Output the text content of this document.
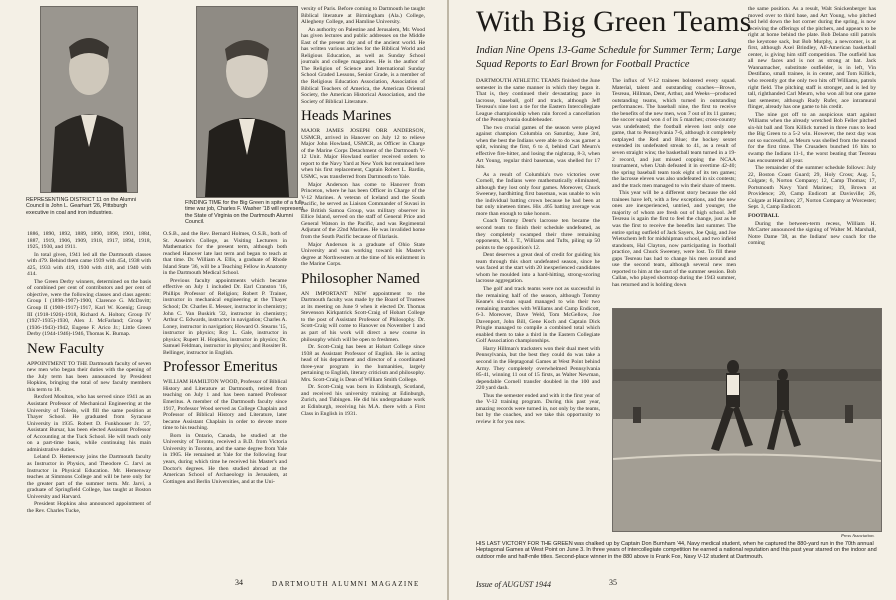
REPRESENTING DISTRICT 11 on the Alumni Council is John L. Gearhart '26, Pittsburgh executive in coal and iron industries.
FINDING TIME for the Big Green in spite of a full-time war job, Charles F. Washer '18 will represent the State of Virginia on the Dartmouth Alumni Council.

1886, 1890, 1892, 1889, 1890, 1898, 1901, 1884, 1887, 1919, 1906, 1909, 1918, 1917, 1894, 1918, 1925, 1930, and 1911.

In total given, 1941 led all the Dartmouth classes with 479. Behind them came 1939 with 454, 1938 with 425, 1933 with 419, 1930 with 418, and 1940 with 414.

The Green Derby winners, determined on the basis of combined per cent of contributors and per cent of objective, were the following classes and class agents: Group I (1898-1907)-1900, Clarence G. McDavitt; Group II (1908-1917)-1917, Karl W. Koenig; Group III (1918-1926)-1918, Richard A. Holton; Group IV (1927-1935)-1930, Alex J. McFarland; Group V (1936-1943)-1942, Eugene F. Arico Jr.; Little Green Derby (1944-1946)-1946, Thomas K. Burnap.

New Faculty

APPOINTMENT TO THE Dartmouth faculty of seven new men who began their duties with the opening of the July term has been announced by President Hopkins, bringing the total of new faculty members this term to 18.

Rexford Moulton, who has served since 1941 as an Assistant Professor of Mechanical Engineering at the University of Toledo, will fill the same position at Thayer School. He graduated from Syracuse University in 1935. Robert D. Funkhouser Jr. '27, Assistant Bursar, has been elected Assistant Professor of Accounting at the Tuck School. He will teach only on a part-time basis, while continuing his main administrative duties.

Leland D. Hemenway joins the Dartmouth faculty as Instructor in Physics, and Theodore C. Jarvi as Instructor in Physical Education. Mr. Hemenway teaches at Simmons College and will be here only for the greater part of the summer term. Mr. Jarvi, a graduate of Springfield College, has taught at Boston University and Harvard.

President Hopkins also announced appointment of the Rev. Charles Tucke,

O.S.B., and the Rev. Bernard Holmes, O.S.B., both of St. Anselm's College, as Visiting Lecturers in Mathematics for the present term, although both reached Hanover late last term and began to teach at that time. Dr. William A. Ellis, a graduate of Rhode Island State '36, will be a Teaching Fellow in Anatomy in the Dartmouth Medical School.

Previous faculty appointments which became effective on July 1 included Dr. Earl Cranston '16, Phillips Professor of Religion; Robert P. Trainer, instructor in mechanical engineering at the Thayer School; Dr. Charles E. Messer, instructor in chemistry; John C. Van Buskirk '32, instructor in chemistry; Arthur C. Edwards, instructor in navigation; Charles A. Loney, instructor in navigation; Howard O. Stearns '15, instructor in physics; Roy L. Gale, instructor in physics; Rupert H. Hopkins, instructor in physics; Dr. Samuel Feldman, instructor in physics; and Rossiter R. Bellinger, instructor in English.

Professor Emeritus

WILLIAM HAMILTON WOOD, Professor of Biblical History and Literature at Dartmouth, retired from teaching on July 1 and has been named Professor Emeritus. A member of the Dartmouth faculty since 1917, Professor Wood served as College Chaplain and Professor of Biblical History and Literature, later became Assistant Chaplain in order to devote more time to his teaching.

Born in Ontario, Canada, he studied at the University of Toronto, received a B.D. from Victoria University in Toronto, and the same degree from Yale in 1905. He remained at Yale for the following four years, during which time he received his Master's and Doctor's degrees. He then studied abroad at the American School of Archaeology in Jerusalem, at Gottingen and Berlin Universities, and at the Uni-

versity of Paris. Before coming to Dartmouth he taught Biblical literature at Birmingham (Ala.) College, Allegheny College, and Hamline University.

An authority on Palestine and Jerusalem, Mr. Wood has given lectures and public addresses on the Middle East of the present day and of the ancient world. He has written various articles for the Biblical World and Religious Education, as well as Sunday School journals and college magazines. He is the author of The Religion of Science and International Sunday School Graded Lessons, Senior Grade, is a member of the Religious Education Association, Association of Biblical Teachers of America, the American Oriental Society, the American Historical Association, and the Society of Biblical Literature.

Heads Marines

MAJOR JAMES JOSEPH ORR ANDERSON, USMCR, arrived in Hanover on July 12 to relieve Major John Howland, USMCR, as Officer in Charge of the Marine Corps Detachment of the Dartmouth V-12 Unit. Major Howland earlier received orders to report to the Navy Yard at New York but remained here when his first replacement, Captain Robert L. Bardin, USMC, was transferred from Dartmouth to Yale.

Major Anderson has come to Hanover from Princeton, where he has been Officer in Charge of the V-12 Marines. A veteran of Iceland and the South Pacific, he served as Liaison Commander of Suvasi in the British Samoa Group, was military observer in Ellice Island, served on the staff of General Price and General Watson in the Pacific, and was Regimental Adjutant of the 22nd Marines. He was invalided home from the South Pacific because of filariasis.

Major Anderson is a graduate of Ohio State University and was working toward his Master's degree at Northwestern at the time of his enlistment in the Marine Corps.

Philosopher Named

AN IMPORTANT NEW appointment to the Dartmouth faculty was made by the Board of Trustees at its meeting on June 9 when it elected Dr. Thomas Stevenson Kirkpatrick Scott-Craig of Hobart College to the post of Assistant Professor of Philosophy. Dr. Scott-Craig will come to Hanover on November 1 and as part of his work will direct a new course in philosophy which will be open to freshmen.

Dr. Scott-Craig has been at Hobart College since 1938 as Assistant Professor of English. He is acting head of his department and director of a coordinated three-year program in the humanities, largely pertaining to English, literary criticism and philosophy. Mrs. Scott-Craig is Dean of William Smith College.

Dr. Scott-Craig was born in Edinburgh, Scotland, and received his university training at Edinburgh, Zurich, and Tubingen. He did his undergraduate work at Edinburgh, receiving his M.A. there with a First Class in English in 1931.

34	DARTMOUTH ALUMNI MAGAZINE
With Big Green Teams
Indian Nine Opens 13-Game Schedule for Summer Term; Large Squad Reports to Earl Brown for Football Practice

DARTMOUTH ATHLETIC TEAMS finished the June semester in the same manner in which they began it. That is, they continued their devastating pace in lacrosse, baseball, golf and track, although Jeff Tesreau's nine lost a tie for the Eastern Intercollegiate League championship when rain forced a cancellation of the Pennsylvania doubleheader.

The two crucial games of the season were played against champion Columbia on Saturday, June 3rd, when the best the Indians were able to do was garner a split, winning the first, 6 to 4, behind Carl Meurn's effective fire-hitter, and losing the nightcap, 8-3, when Art Young, regular third baseman, was shelled for 17 hits.

As a result of Columbia's two victories over Cornell, the Indians were mathematically eliminated, although they lost only four games. Moreover, Chuck Sweeney, hardhitting first baseman, was unable to win the individual batting crown because he had been at bat only nineteen times. His .465 batting average was more than enough to take honors.

Coach Tommy Dent's lacrosse ten became the second team to finish their schedule undefeated, as they completely swamped their three remaining opponents, M. I. T., Williams and Tufts, piling up 50 points to the opposition's 12.

Dent deserves a great deal of credit for guiding his team through this short undefeated season, since he was faced at the start with 20 inexperienced candidates whom he moulded into a hard-hitting, strong-scoring lacrosse aggregation.

The golf and track teams were not as successful in the remaining half of the season, although Tommy Keane's six-man squad managed to win their two remaining matches with Williams and Camp Endicott, 6-3. Moreover, Dave Weld, Tom McGellow, Joe Davenport, John Bill, Gene Koch and Captain Dick Pringle managed to compile a combined total which enabled them to take a third in the Eastern Collegiate Golf Association championships.

Harry Hillman's tracksters won their dual meet with Pennsylvania, but the best they could do was take a second in the Heptagonal Games at West Point behind Army. They completely overwhelmed Pennsylvania 85-41, winning 11 out of 15 firsts, as Walter Newman, dependable Cornell transfer doubled in the 100 and 220 yard dash.

Thus the semester ended and with it the first year of the V-12 training program. During this past year, amazing records were turned in, not only by the teams, but by the coaches, and we take this opportunity to review it for you now.

The influx of V-12 trainees bolstered every squad. Material, talent and outstanding coaches—Brown, Tesreau, Hillman, Dent, Arthur, and Weeks—produced outstanding teams, which turned in outstanding performances. The baseball nine, the first to receive the benefits of the new men, won 7 out of its 11 games; the soccer squad won 4 of its 5 matches; cross-country was undefeated; the football eleven lost only one game, that to Pennsylvania 7-6, although it completely outplayed the Red and Blue; the hockey sextet extended its undefeated streak to 41, as a result of seven straight wins; the basketball team turned in a 19-2 record, and just missed copping the NCAA tournament, when Utah defeated it in overtime 42-40; the spring baseball team took eight of its ten games; the lacrosse eleven was also undefeated in six contests; and the track men managed to win their share of meets.

This year will be a different story because the old trainees have left, with a few exceptions, and the new ones are inexperienced, untried, and younger, the majority of whom are fresh out of high school. Jeff Tesreau is again the first to feel the change, just as he was the first to receive the benefits last summer. The entire spring outfield of Jack Sayers, Joe Quig, and Joe Wietschem left for midshipman school, and two infield standouts, Hal Clayton, now participating in football practice, and Chuck Sweeney, were lost. To fill these gaps Tesreau has had to change his men around and use the second team, although several new men reported to him at the start of the summer session. Bob Callan, who played shortstop during the 1943 summer, has returned and is holding down

the same position. As a result, Walt Snickenberger has moved over to third base, and Art Young, who pitched and held down the hot corner during the spring, is now receiving the offerings of the pitchers, and appears to be right at home behind the plate. Bob Delano still patrols the keystone sack, but Bob Murphy, a newcomer, is at first, although Axel Brindley, All-American basketball center, is giving him stiff competition. The outfield has all new faces and is not as strong at bat. Jack Wannamacher, substitute outfielder, is in left, Vin Destifano, small trainee, is in center, and Tom Killick, who recently got the only two hits off Williams, patrols right field. The pitching staff is stronger, and is led by tall, righthanded Carl Meurn, who won all but one game last semester, although Rudy Rufer, ace intramural flinger, already has one game to his credit.

The nine got off to an auspicious start against Williams when the already wretched Bob Feller pitched six-hit ball and Tom Killick turned in three runs to lead the Big Green to a 5-2 win. However, the next day was not so successful, as Meurn was shelled from the mound for the first time. The Crusaders bunched 16 hits to swamp the Indians 11-1, the worst beating that Tesreau has encountered all year.

The remainder of the summer schedule follows: July 22, Boston Coast Guard; 29, Holy Cross; Aug. 5, Colgate; 6, Norton Company; 12, Camp Thomas; 17, Portsmouth Navy Yard Marines; 19, Brown at Providence; 20, Camp Endicott at Davisville; 26, Colgate at Hamilton; 27, Norton Company at Worcester; Sept. 3, Camp Endicott.

FOOTBALL

During the between-term recess, William H. McCarter announced the signing of Walter M. Marshall, Notre Dame '38, as the Indians' new coach for the coming

Press Association.
HIS LAST VICTORY FOR THE GREEN was chalked up by Captain Don Burnham '44, Navy medical student, when he captured the 880-yard run in the 70th annual Heptagonal Games at West Point on June 3. In three years of intercollegiate competition he earned a national reputation and this past year starred on the indoor and outdoor mile and half-mile titles. Second-place winner in the 880 above is Frank Fox, Navy V-12 student at Dartmouth.
Issue of AUGUST 1944	35
